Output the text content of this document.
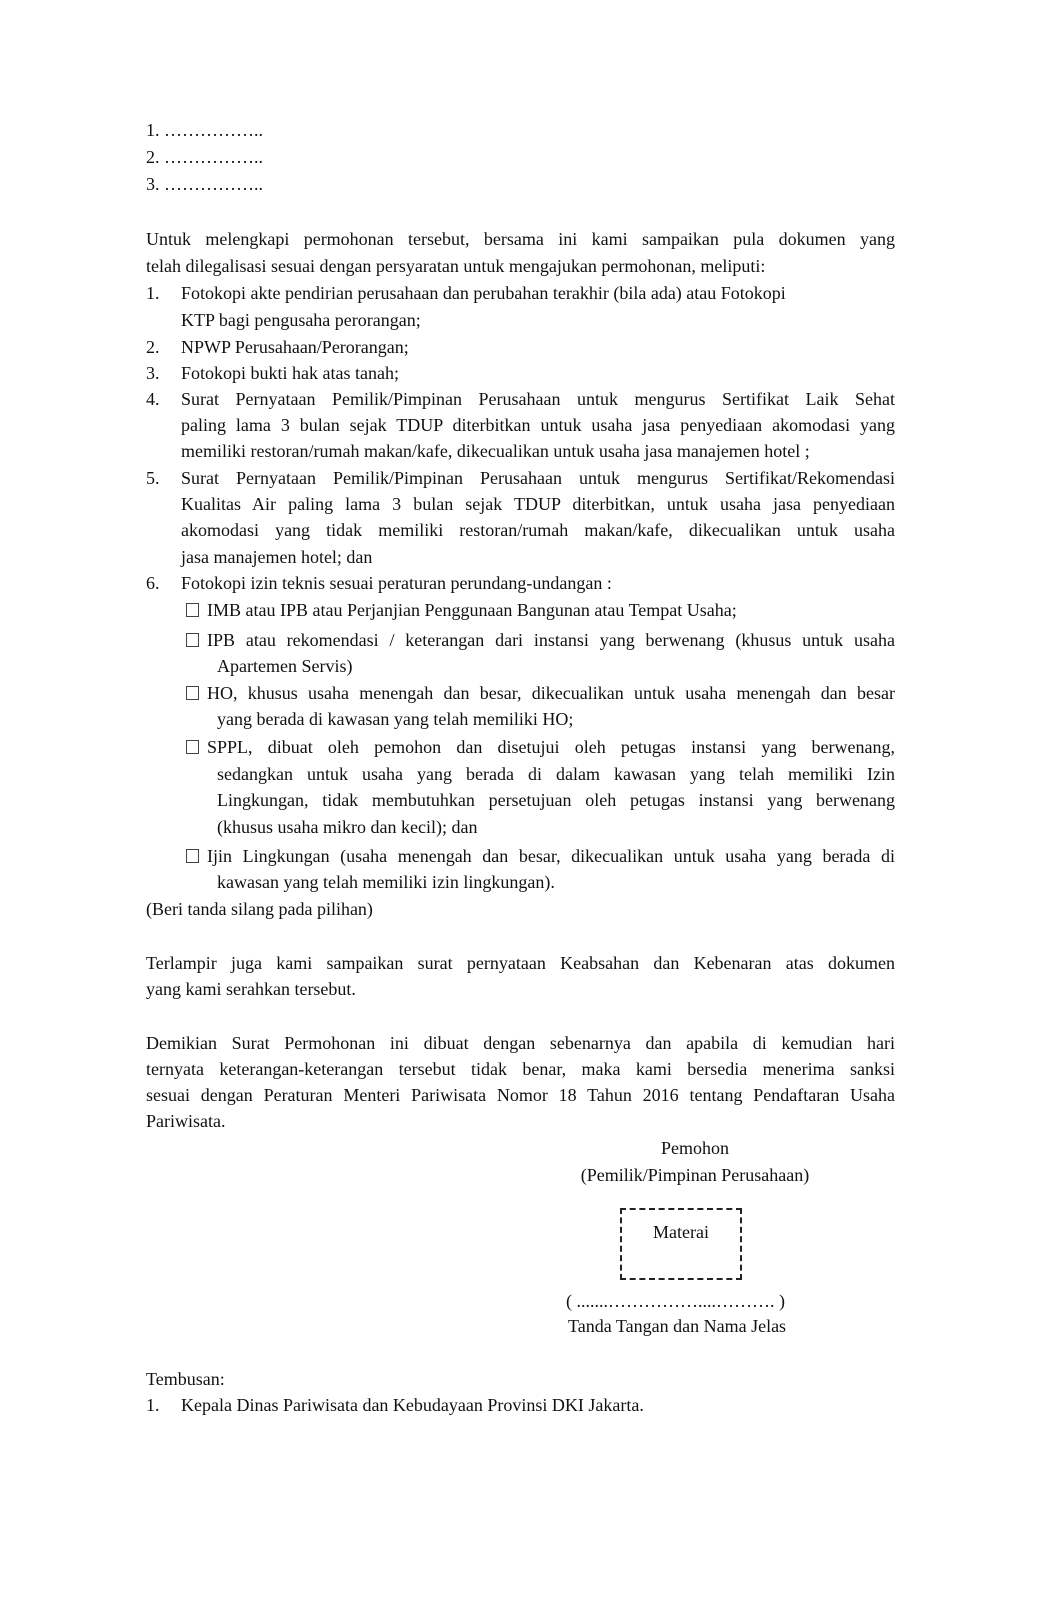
1. ……………..
2. ……………..
3. ……………..
Untuk melengkapi permohonan tersebut, bersama ini kami sampaikan pula dokumen yang
telah dilegalisasi sesuai dengan persyaratan untuk mengajukan permohonan, meliputi:
1. Fotokopi akte pendirian perusahaan dan perubahan terakhir (bila ada) atau Fotokopi
KTP bagi pengusaha perorangan;
2. NPWP Perusahaan/Perorangan;
3. Fotokopi bukti hak atas tanah;
4. Surat Pernyataan Pemilik/Pimpinan Perusahaan untuk mengurus Sertifikat Laik Sehat
paling lama 3 bulan sejak TDUP diterbitkan untuk usaha jasa penyediaan akomodasi yang
memiliki restoran/rumah makan/kafe, dikecualikan untuk usaha jasa manajemen hotel ;
5. Surat Pernyataan Pemilik/Pimpinan Perusahaan untuk mengurus Sertifikat/Rekomendasi
Kualitas Air paling lama 3 bulan sejak TDUP diterbitkan, untuk usaha jasa penyediaan
akomodasi yang tidak memiliki restoran/rumah makan/kafe, dikecualikan untuk usaha
jasa manajemen hotel; dan
6. Fotokopi izin teknis sesuai peraturan perundang-undangan :
IMB atau IPB atau Perjanjian Penggunaan Bangunan atau Tempat Usaha;
IPB atau rekomendasi / keterangan dari instansi yang berwenang (khusus untuk usaha
Apartemen Servis)
HO, khusus usaha menengah dan besar, dikecualikan untuk usaha menengah dan besar
yang berada di kawasan yang telah memiliki HO;
SPPL, dibuat oleh pemohon dan disetujui oleh petugas instansi yang berwenang,
sedangkan untuk usaha yang berada di dalam kawasan yang telah memiliki Izin
Lingkungan, tidak membutuhkan persetujuan oleh petugas instansi yang berwenang
(khusus usaha mikro dan kecil); dan
Ijin Lingkungan (usaha menengah dan besar, dikecualikan untuk usaha yang berada di
kawasan yang telah memiliki izin lingkungan).
(Beri tanda silang pada pilihan)
Terlampir juga kami sampaikan surat pernyataan Keabsahan dan Kebenaran atas dokumen
yang kami serahkan tersebut.
Demikian Surat Permohonan ini dibuat dengan sebenarnya dan apabila di kemudian hari
ternyata keterangan-keterangan tersebut tidak benar, maka kami bersedia menerima sanksi
sesuai dengan Peraturan Menteri Pariwisata Nomor 18 Tahun 2016 tentang Pendaftaran Usaha
Pariwisata.
Pemohon
(Pemilik/Pimpinan Perusahaan)
Materai
( .......……………....………. )
Tanda Tangan dan Nama Jelas
Tembusan:
1. Kepala Dinas Pariwisata dan Kebudayaan Provinsi DKI Jakarta.
